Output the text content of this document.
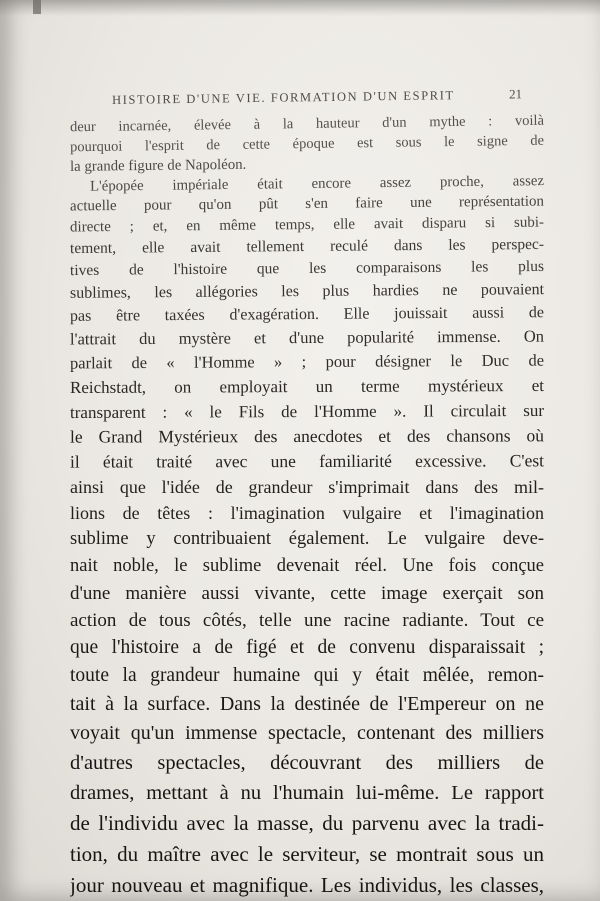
HISTOIRE D'UNE VIE. FORMATION D'UN ESPRIT	21
deur incarnée, élevée à la hauteur d'un mythe : voilà
pourquoi l'esprit de cette époque est sous le signe de
la grande figure de Napoléon.
L'épopée impériale était encore assez proche, assez
actuelle pour qu'on pût s'en faire une représentation
directe ; et, en même temps, elle avait disparu si subi-
tement, elle avait tellement reculé dans les perspec-
tives de l'histoire que les comparaisons les plus
sublimes, les allégories les plus hardies ne pouvaient
pas être taxées d'exagération. Elle jouissait aussi de
l'attrait du mystère et d'une popularité immense. On
parlait de « l'Homme » ; pour désigner le Duc de
Reichstadt, on employait un terme mystérieux et
transparent : « le Fils de l'Homme ». Il circulait sur
le Grand Mystérieux des anecdotes et des chansons où
il était traité avec une familiarité excessive. C'est
ainsi que l'idée de grandeur s'imprimait dans des mil-
lions de têtes : l'imagination vulgaire et l'imagination
sublime y contribuaient également. Le vulgaire deve-
nait noble, le sublime devenait réel. Une fois conçue
d'une manière aussi vivante, cette image exerçait son
action de tous côtés, telle une racine radiante. Tout ce
que l'histoire a de figé et de convenu disparaissait ;
toute la grandeur humaine qui y était mêlée, remon-
tait à la surface. Dans la destinée de l'Empereur on ne
voyait qu'un immense spectacle, contenant des milliers
d'autres spectacles, découvrant des milliers de
drames, mettant à nu l'humain lui-même. Le rapport
de l'individu avec la masse, du parvenu avec la tradi-
tion, du maître avec le serviteur, se montrait sous un
jour nouveau et magnifique. Les individus, les classes,
